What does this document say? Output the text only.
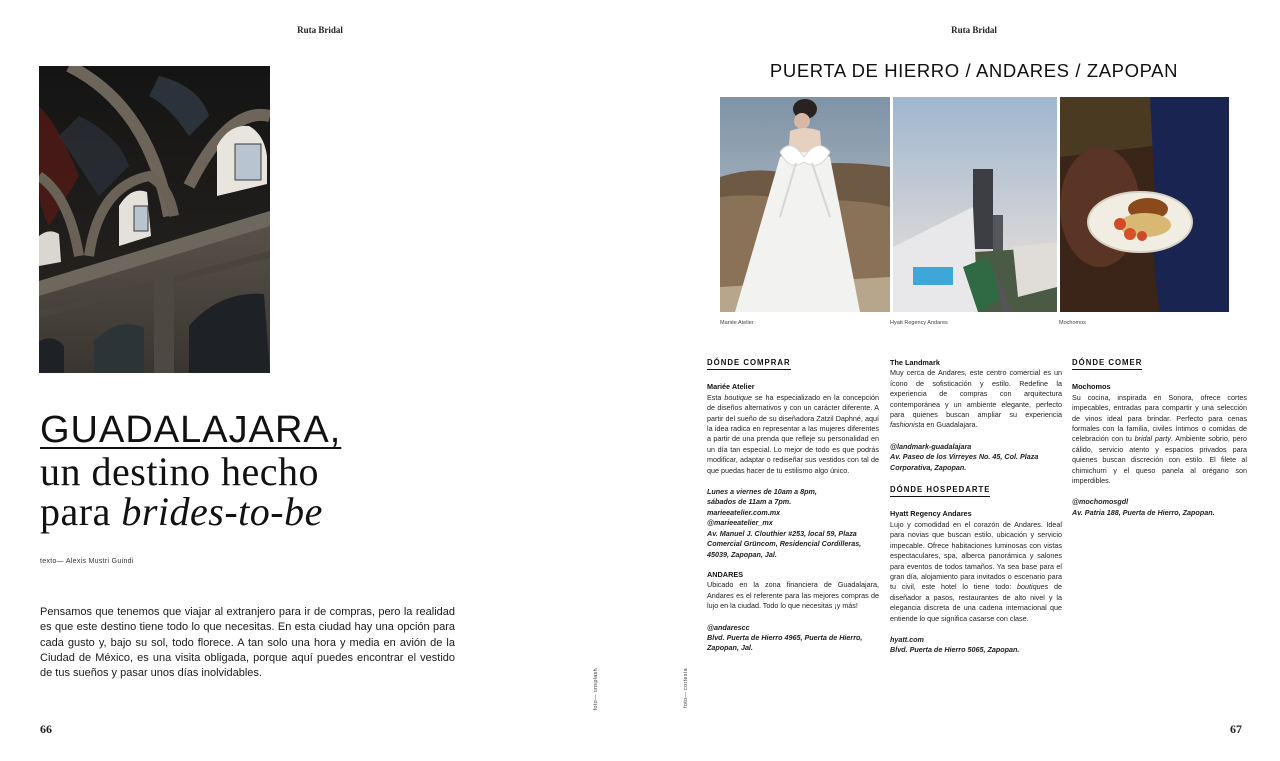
Ruta Bridal
GUADALAJARA,
un destino hecho
para brides-to-be
texto— Alexis Mustri Guindi

Pensamos que tenemos que viajar al extranjero para ir de compras, pero la realidad es que este destino tiene todo lo que necesitas. En esta ciudad hay una opción para cada gusto y, bajo su sol, todo florece. A tan solo una hora y media en avión de la Ciudad de México, es una visita obligada, porque aquí puedes encontrar el vestido de tus sueños y pasar unos días inolvidables.	foto— unsplash
66
Ruta Bridal
foto— cortesía
PUERTA DE HIERRO / ANDARES / ZAPOPAN
Mariée Atelier	Hyatt Regency Andares	Mochomos
DÓNDE COMPRAR
Mariée Atelier

Esta boutique se ha especializado en la concepción de diseños alternativos y con un carácter diferente. A partir del sueño de su diseñadora Zatzil Daphné, aquí la idea radica en representar a las mujeres diferentes a partir de una prenda que refleje su personalidad en un día tan especial. Lo mejor de todo es que podrás modificar, adaptar o rediseñar sus vestidos con tal de que puedas hacer de tu estilismo algo único.

Lunes a viernes de 10am a 8pm,
sábados de 11am a 7pm.
marieeatelier.com.mx
@marieeatelier_mx
Av. Manuel J. Clouthier #253, local 59, Plaza Comercial Grüncom, Residencial Cordilleras, 45039, Zapopan, Jal.
ANDARES

Ubicado en la zona financiera de Guadalajara, Andares es el referente para las mejores compras de lujo en la ciudad. Todo lo que necesitas ¡y más!

@andarescc
Blvd. Puerta de Hierro 4965, Puerta de Hierro, Zapopan, Jal.
The Landmark

Muy cerca de Andares, este centro comercial es un ícono de sofisticación y estilo. Redefine la experiencia de compras con arquitectura contemporánea y un ambiente elegante, perfecto para quienes buscan ampliar su experiencia fashionista en Guadalajara.

@landmark-guadalajara
Av. Paseo de los Virreyes No. 45, Col. Plaza Corporativa, Zapopan.
DÓNDE HOSPEDARTE
Hyatt Regency Andares

Lujo y comodidad en el corazón de Andares. Ideal para novias que buscan estilo, ubicación y servicio impecable. Ofrece habitaciones luminosas con vistas espectaculares, spa, alberca panorámica y salones para eventos de todos tamaños. Ya sea base para el gran día, alojamiento para invitados o escenario para tu civil, este hotel lo tiene todo: boutiques de diseñador a pasos, restaurantes de alto nivel y la elegancia discreta de una cadena internacional que entiende lo que significa casarse con clase.

hyatt.com
Blvd. Puerta de Hierro 5065, Zapopan.
DÓNDE COMER
Mochomos

Su cocina, inspirada en Sonora, ofrece cortes impecables, entradas para compartir y una selección de vinos ideal para brindar. Perfecto para cenas formales con la familia, civiles íntimos o comidas de celebración con tu bridal party. Ambiente sobrio, pero cálido, servicio atento y espacios privados para quienes buscan discreción con estilo. El filete al chimichurri y el queso panela al orégano son imperdibles.

@mochomosgdl
Av. Patria 188, Puerta de Hierro, Zapopan.
67
